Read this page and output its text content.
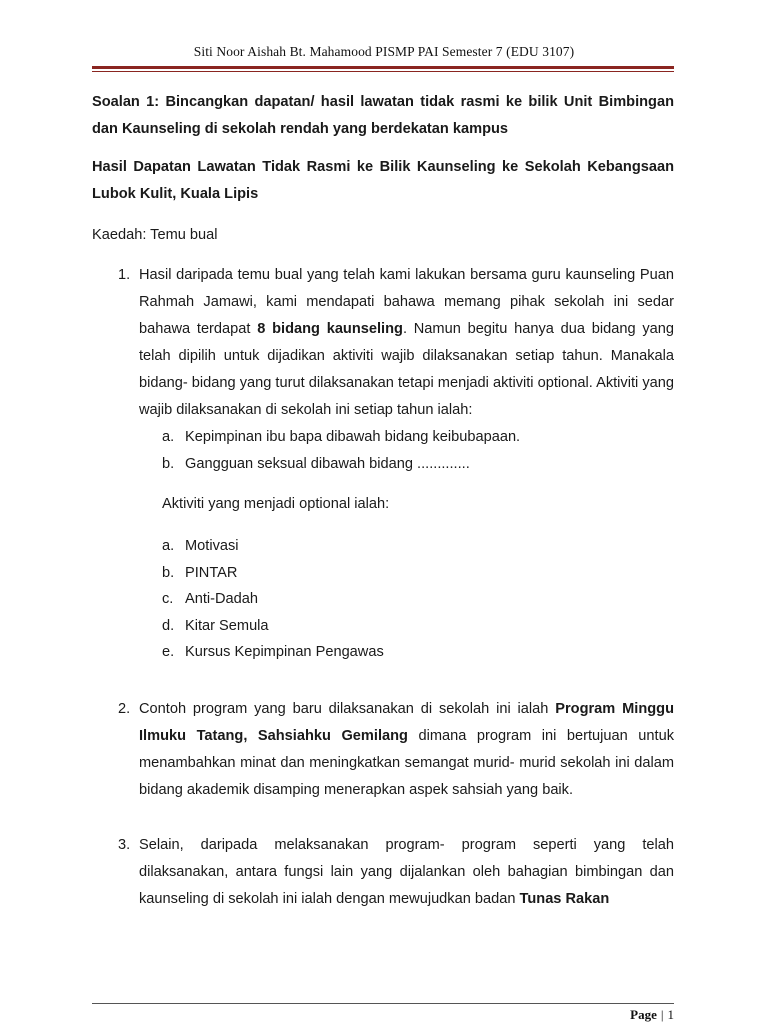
Siti Noor Aishah Bt. Mahamood PISMP PAI Semester 7 (EDU 3107)

Soalan 1: Bincangkan dapatan/ hasil lawatan tidak rasmi ke bilik Unit Bimbingan dan Kaunseling di sekolah rendah yang berdekatan kampus

Hasil Dapatan Lawatan Tidak Rasmi ke Bilik Kaunseling ke Sekolah Kebangsaan Lubok Kulit, Kuala Lipis

Kaedah: Temu bual

1. Hasil daripada temu bual yang telah kami lakukan bersama guru kaunseling Puan Rahmah Jamawi, kami mendapati bahawa memang pihak sekolah ini sedar bahawa terdapat 8 bidang kaunseling. Namun begitu hanya dua bidang yang telah dipilih untuk dijadikan aktiviti wajib dilaksanakan setiap tahun. Manakala bidang- bidang yang turut dilaksanakan tetapi menjadi aktiviti optional. Aktiviti yang wajib dilaksanakan di sekolah ini setiap tahun ialah:

a. Kepimpinan ibu bapa dibawah bidang keibubapaan.
b. Gangguan seksual dibawah bidang .............

Aktiviti yang menjadi optional ialah:

a. Motivasi
b. PINTAR
c. Anti-Dadah
d. Kitar Semula
e. Kursus Kepimpinan Pengawas
2. Contoh program yang baru dilaksanakan di sekolah ini ialah Program Minggu Ilmuku Tatang, Sahsiahku Gemilang dimana program ini bertujuan untuk menambahkan minat dan meningkatkan semangat murid- murid sekolah ini dalam bidang akademik disamping menerapkan aspek sahsiah yang baik.

3. Selain, daripada melaksanakan program- program seperti yang telah dilaksanakan, antara fungsi lain yang dijalankan oleh bahagian bimbingan dan kaunseling di sekolah ini ialah dengan mewujudkan badan Tunas Rakan

Page | 1
